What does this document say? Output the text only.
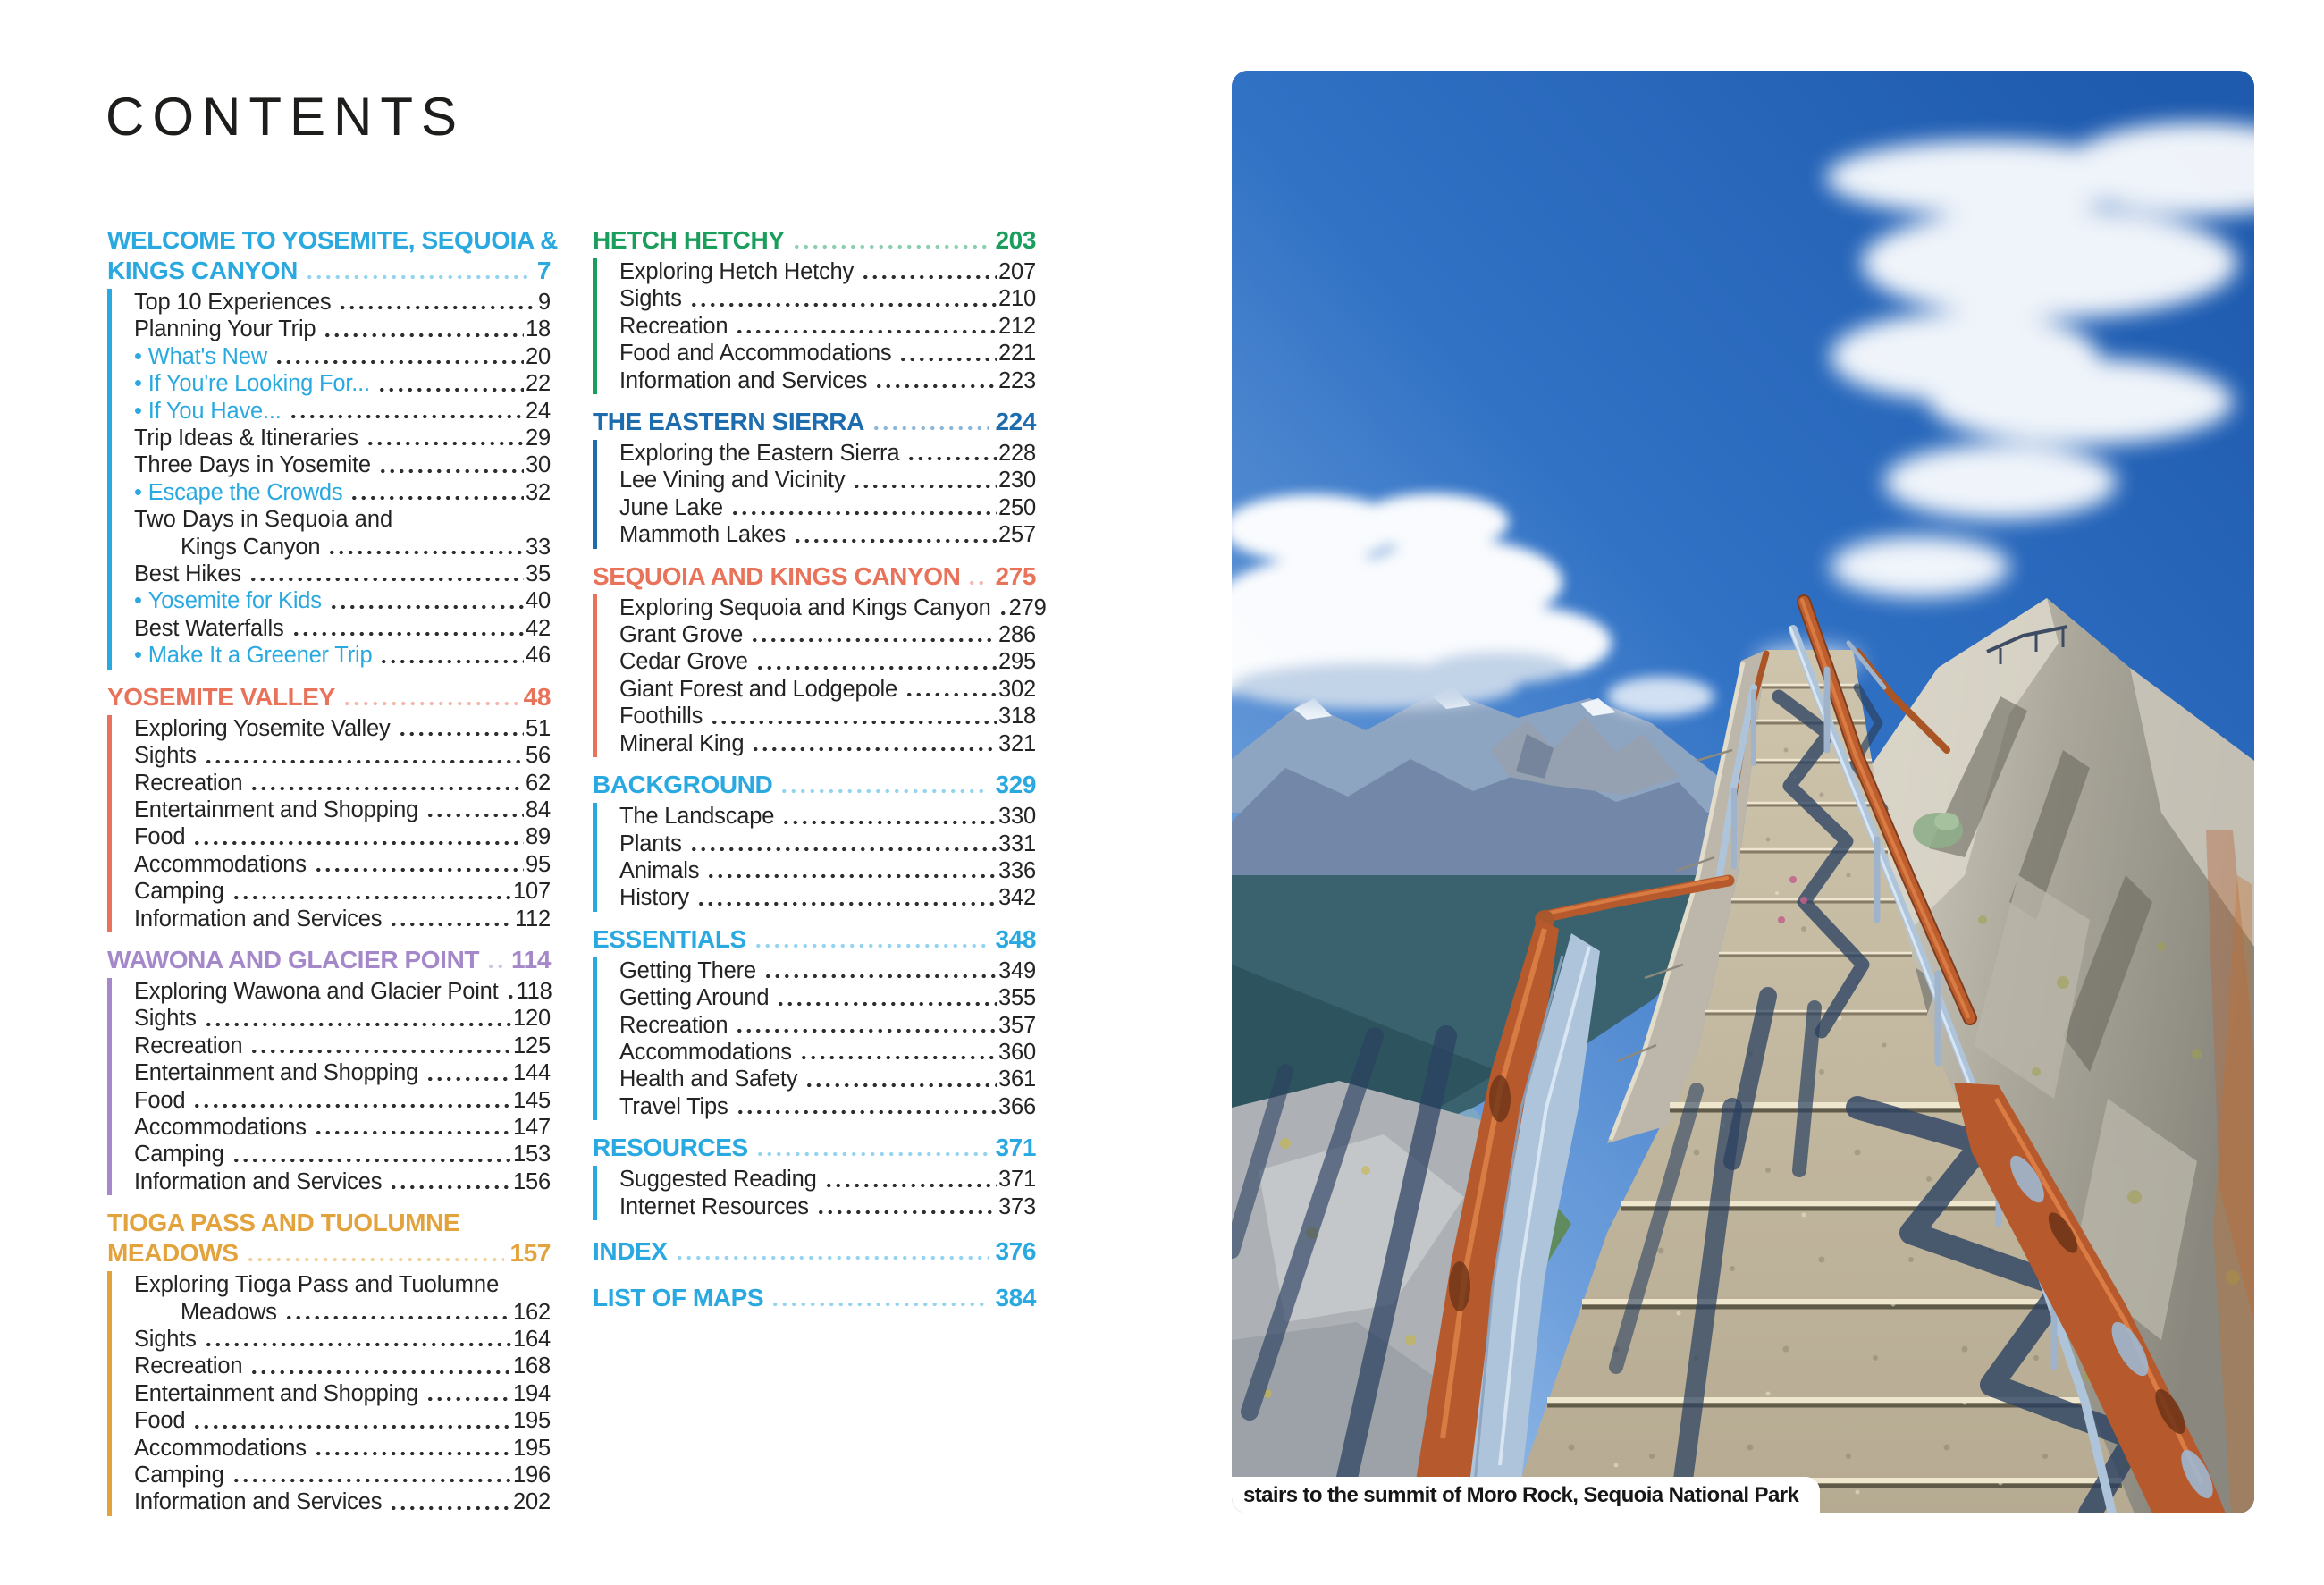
CONTENTS
WELCOME TO YOSEMITE, SEQUOIA &
KINGS CANYON	7
Top 10 Experiences	9
Planning Your Trip	18
• What's New	20
• If You're Looking For...	22
• If You Have...	24
Trip Ideas & Itineraries	29
Three Days in Yosemite	30
• Escape the Crowds	32
Two Days in Sequoia and
Kings Canyon	33
Best Hikes	35
• Yosemite for Kids	40
Best Waterfalls	42
• Make It a Greener Trip	46
YOSEMITE VALLEY	48
Exploring Yosemite Valley	51
Sights	56
Recreation	62
Entertainment and Shopping	84
Food	89
Accommodations	95
Camping	107
Information and Services	112
WAWONA AND GLACIER POINT 114
Exploring Wawona and Glacier Point 118
Sights	120
Recreation	125
Entertainment and Shopping	144
Food	145
Accommodations	147
Camping	153
Information and Services	156
TIOGA PASS AND TUOLUMNE
MEADOWS	157
Exploring Tioga Pass and Tuolumne
Meadows	162
Sights	164
Recreation	168
Entertainment and Shopping	194
Food	195
Accommodations	195
Camping	196
Information and Services	202
HETCH HETCHY	203
Exploring Hetch Hetchy	207
Sights	210
Recreation	212
Food and Accommodations	221
Information and Services	223
THE EASTERN SIERRA	224
Exploring the Eastern Sierra	228
Lee Vining and Vicinity	230
June Lake	250
Mammoth Lakes	257
SEQUOIA AND KINGS CANYON 275
Exploring Sequoia and Kings Canyon 279
Grant Grove	286
Cedar Grove	295
Giant Forest and Lodgepole	302
Foothills	318
Mineral King	321
BACKGROUND	329
The Landscape	330
Plants	331
Animals	336
History	342
ESSENTIALS	348
Getting There	349
Getting Around	355
Recreation	357
Accommodations	360
Health and Safety	361
Travel Tips	366
RESOURCES	371
Suggested Reading	371
Internet Resources	373
INDEX	376
LIST OF MAPS	384
stairs to the summit of Moro Rock, Sequoia National Park
